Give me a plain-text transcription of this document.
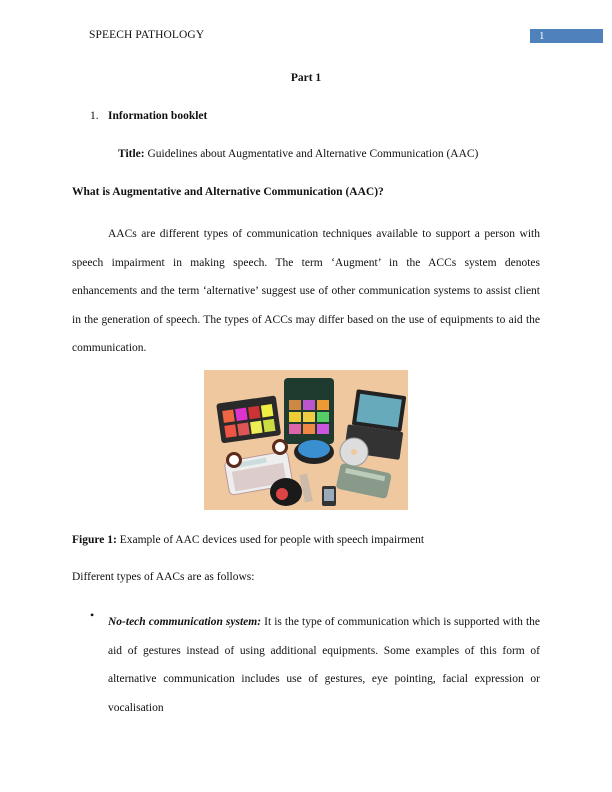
SPEECH PATHOLOGY	1
Part 1
1. Information booklet
Title: Guidelines about Augmentative and Alternative Communication (AAC)
What is Augmentative and Alternative Communication (AAC)?
AACs are different types of communication techniques available to support a person with speech impairment in making speech. The term ‘Augment’ in the ACCs system denotes enhancements and the term ‘alternative’ suggest use of other communication systems to assist client in the generation of speech. The types of ACCs may differ based on the use of equipments to aid the communication.
Figure 1: Example of AAC devices used for people with speech impairment
Different types of AACs are as follows:
• No-tech communication system: It is the type of communication which is supported with the aid of gestures instead of using additional equipments. Some examples of this form of alternative communication includes use of gestures, eye pointing, facial expression or vocalisation
